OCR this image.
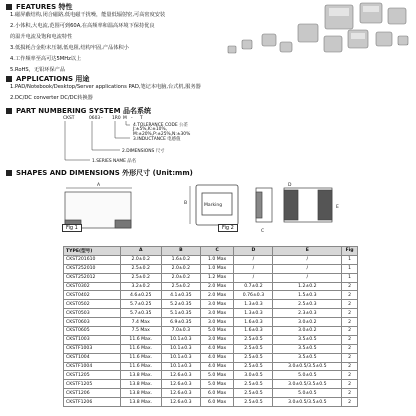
FEATURES 特性
1.磁屏蔽结构,闭合磁路,低电磁干扰噪，能量低辐射密,可高密度安装
2.小体积,大电流,范围可到60A,在高频率和温高环境下保持优良
的温升电流及饱和电流特性
3.低损耗合金粉末压制,低电阻,结构牢固,产品体积小
4.工作频率至高可达5MHz以上
5.RoHS，无铅环保产品
APPLICATIONS 用途
1.PAD/Notebook/Desktop/Server applications PAD,笔记本电脑,台式机,服务器
2.DC/DC converter DC/DC转换器
PART NUMBERING SYSTEM 品名系统
CKST	0603 - 1R0 M - T
4.TOLERANCE CODE 公差
J:±5%,K:±10%,
M:±20%,P:±25%,N:±30%
3.INDUCTANCE 电感值
2.DIMENSIONS 尺寸
1.SERIES NAME 品名
SHAPES AND DIMENSIONS 外形尺寸 (Unit:mm)
A
Fig 1
B	Marking
C
D
E
Fig 2
TYPE(型号)	A	B	C	D	E	Fig
CKST201610	2.0±0.2	1.6±0.2	1.0 Max	/	/	1
CKST252010	2.5±0.2	2.0±0.2	1.0 Max	/	/	1
CKST252012	2.5±0.2	2.0±0.2	1.2 Max	/	/	1
CKST0302	3.2±0.2	2.5±0.2	2.0 Max	0.7±0.2	1.2±0.2	2
CKST0402	4.6±0.25	4.1±0.35	2.0 Max	0.76±0.3	1.5±0.3	2
CKST0502	5.7±0.25	5.2±0.35	3.0 Max	1.3±0.3	2.5±0.3	2
CKST0503	5.7±0.35	5.1±0.35	3.0 Max	1.3±0.3	2.3±0.3	2
CKST0603	7.4 Max	6.9±0.35	3.0 Max	1.6±0.3	3.0±0.2	2
CKST0605	7.5 Max	7.0±0.3	5.0 Max	1.6±0.3	3.0±0.2	2
CKST1003	11.6 Max.	10.1±0.3	3.0 Max	2.5±0.5	3.5±0.5	2
CKSTF1003	11.6 Max.	10.1±0.3	4.0 Max	2.5±0.5	3.5±0.5	2
CKST1004	11.6 Max.	10.1±0.3	4.0 Max	2.5±0.5	3.5±0.5	2
CKSTF1004	11.6 Max.	10.1±0.3	4.0 Max	2.5±0.5	3.0±0.5/3.5±0.5	2
CKST1205	13.8 Max.	12.6±0.3	5.0 Max	3.0±0.5	5.0±0.5	2
CKSTF1205	13.8 Max.	12.6±0.3	5.0 Max	2.5±0.5	3.0±0.5/3.5±0.5	2
CKST1206	13.8 Max.	12.6±0.3	6.0 Max	2.5±0.5	5.0±0.5	2
CKSTF1206	13.8 Max.	12.6±0.3	6.0 Max	2.5±0.5	3.0±0.5/3.5±0.5	2
